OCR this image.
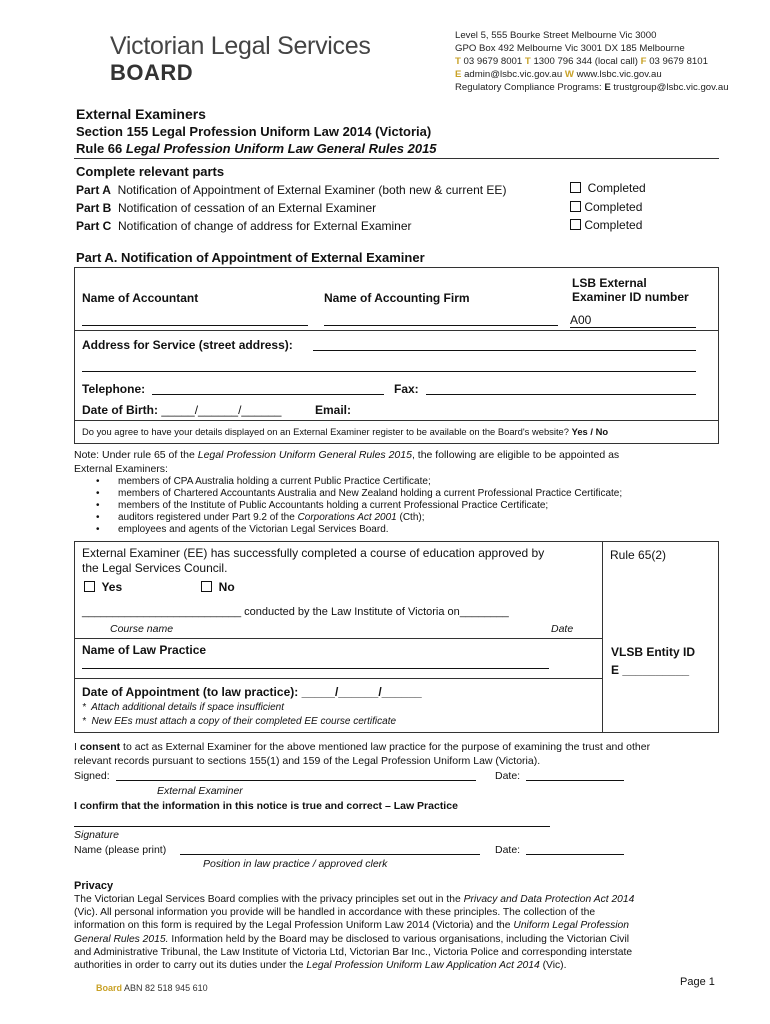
Victorian Legal Services
BOARD
Level 5, 555 Bourke Street Melbourne Vic 3000
GPO Box 492 Melbourne Vic 3001 DX 185 Melbourne
T 03 9679 8001 T 1300 796 344 (local call) F 03 9679 8101
E admin@lsbc.vic.gov.au W www.lsbc.vic.gov.au
Regulatory Compliance Programs: E trustgroup@lsbc.vic.gov.au
External Examiners
Section 155 Legal Profession Uniform Law 2014 (Victoria)
Rule 66 Legal Profession Uniform Law General Rules 2015
Complete relevant parts
Part A Notification of Appointment of External Examiner (both new & current EE)	Completed
Part B Notification of cessation of an External Examiner	Completed
Part C Notification of change of address for External Examiner	Completed
Part A. Notification of Appointment of External Examiner
Name of Accountant	Name of Accounting Firm
LSB External
Examiner ID number
A00
Address for Service (street address):
Telephone:	Fax:
Date of Birth: _____/______/______	Email:
Do you agree to have your details displayed on an External Examiner register to be available on the Board's website? Yes / No
Note: Under rule 65 of the Legal Profession Uniform General Rules 2015, the following are eligible to be appointed as
External Examiners:
• members of CPA Australia holding a current Public Practice Certificate;
• members of Chartered Accountants Australia and New Zealand holding a current Professional Practice Certificate;
• members of the Institute of Public Accountants holding a current Professional Practice Certificate;
• auditors registered under Part 9.2 of the Corporations Act 2001 (Cth);
• employees and agents of the Victorian Legal Services Board.
External Examiner (EE) has successfully completed a course of education approved by
the Legal Services Council.
Rule 65(2)
Yes	No
__________________________ conducted by the Law Institute of Victoria on________
Course name	Date
Name of Law Practice	VLSB Entity ID
E __________
Date of Appointment (to law practice): _____/______/______
*  Attach additional details if space insufficient
*  New EEs must attach a copy of their completed EE course certificate
I consent to act as External Examiner for the above mentioned law practice for the purpose of examining the trust and other
relevant records pursuant to sections 155(1) and 159 of the Legal Profession Uniform Law (Victoria).
Signed:	Date:
External Examiner
I confirm that the information in this notice is true and correct – Law Practice
Signature
Name (please print)	Date:
Position in law practice / approved clerk
Privacy
The Victorian Legal Services Board complies with the privacy principles set out in the Privacy and Data Protection Act 2014
(Vic). All personal information you provide will be handled in accordance with these principles. The collection of the
information on this form is required by the Legal Profession Uniform Law 2014 (Victoria) and the Uniform Legal Profession
General Rules 2015. Information held by the Board may be disclosed to various organisations, including the Victorian Civil
and Administrative Tribunal, the Law Institute of Victoria Ltd, Victorian Bar Inc., Victoria Police and corresponding interstate
authorities in order to carry out its duties under the Legal Profession Uniform Law Application Act 2014 (Vic).
Page 1
Board ABN 82 518 945 610
